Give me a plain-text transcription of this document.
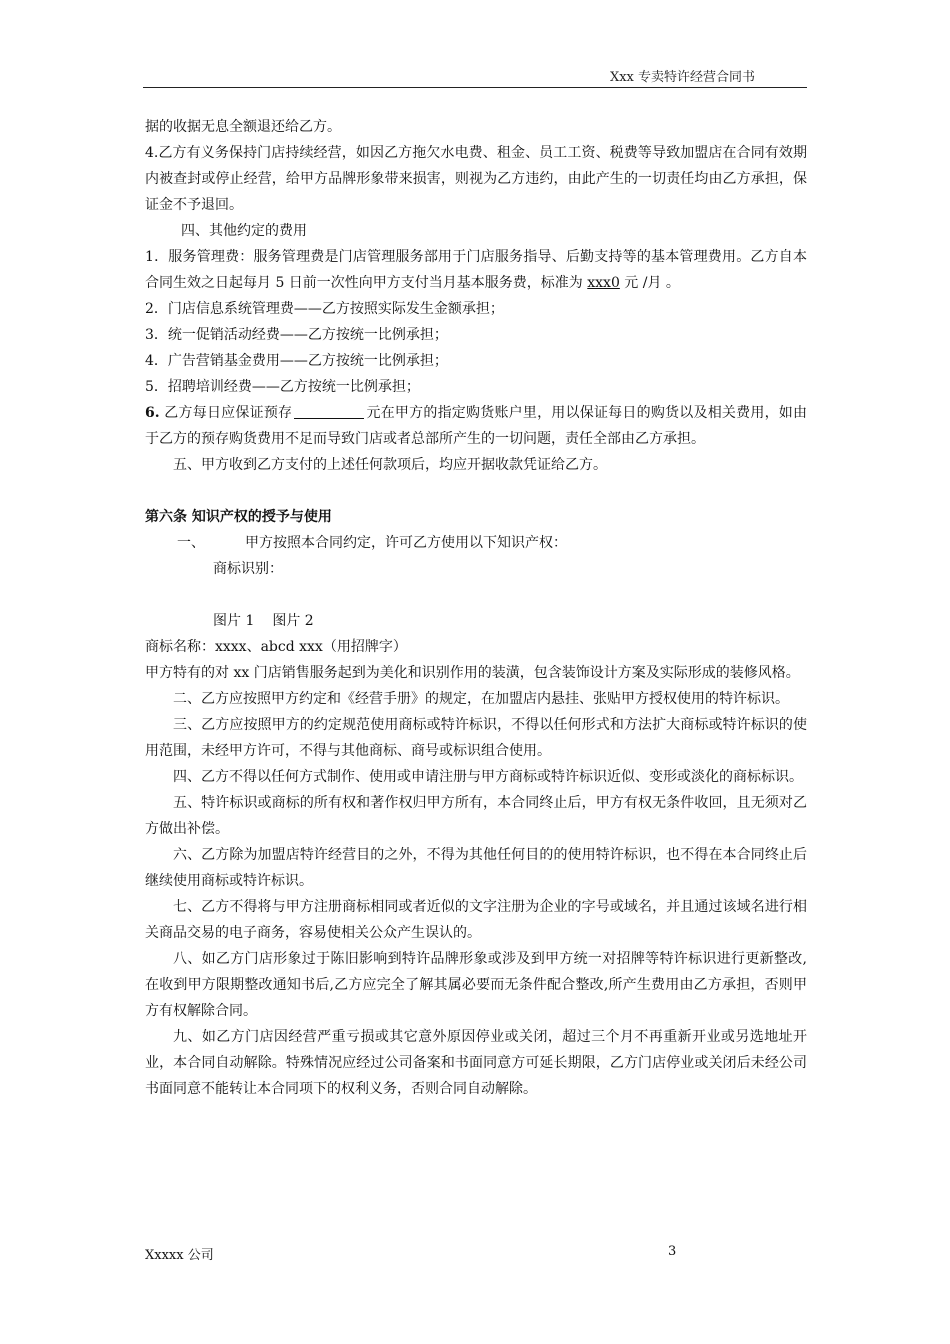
Xxx 专卖特许经营合同书

据的收据无息全额退还给乙方。

4.乙方有义务保持门店持续经营，如因乙方拖欠水电费、租金、员工工资、税费等导致加盟店在合同有效期内被查封或停止经营，给甲方品牌形象带来损害，则视为乙方违约，由此产生的一切责任均由乙方承担，保证金不予退回。

四、其他约定的费用

1．服务管理费：服务管理费是门店管理服务部用于门店服务指导、后勤支持等的基本管理费用。乙方自本合同生效之日起每月 5 日前一次性向甲方支付当月基本服务费，标准为 xxx0 元 /月 。

2．门店信息系统管理费——乙方按照实际发生金额承担；

3．统一促销活动经费——乙方按统一比例承担；

4．广告营销基金费用——乙方按统一比例承担；

5．招聘培训经费——乙方按统一比例承担；

6. 乙方每日应保证预存	元在甲方的指定购货账户里，用以保证每日的购货以及相关费用，如由于乙方的预存购货费用不足而导致门店或者总部所产生的一切问题，责任全部由乙方承担。

五、甲方收到乙方支付的上述任何款项后，均应开据收款凭证给乙方。

第六条 知识产权的授予与使用

一、	甲方按照本合同约定，许可乙方使用以下知识产权：

商标识别：

图片 1 图片 2

商标名称：xxxx、abcd xxx（用招牌字）

甲方特有的对 xx 门店销售服务起到为美化和识别作用的装潢，包含装饰设计方案及实际形成的装修风格。

二、乙方应按照甲方约定和《经营手册》的规定，在加盟店内悬挂、张贴甲方授权使用的特许标识。

三、乙方应按照甲方的约定规范使用商标或特许标识，不得以任何形式和方法扩大商标或特许标识的使用范围，未经甲方许可，不得与其他商标、商号或标识组合使用。

四、乙方不得以任何方式制作、使用或申请注册与甲方商标或特许标识近似、变形或淡化的商标标识。

五、特许标识或商标的所有权和著作权归甲方所有，本合同终止后，甲方有权无条件收回，且无须对乙方做出补偿。

六、乙方除为加盟店特许经营目的之外，不得为其他任何目的的使用特许标识，也不得在本合同终止后继续使用商标或特许标识。

七、乙方不得将与甲方注册商标相同或者近似的文字注册为企业的字号或域名，并且通过该域名进行相关商品交易的电子商务，容易使相关公众产生误认的。

八、如乙方门店形象过于陈旧影响到特许品牌形象或涉及到甲方统一对招牌等特许标识进行更新整改,在收到甲方限期整改通知书后,乙方应完全了解其属必要而无条件配合整改,所产生费用由乙方承担，否则甲方有权解除合同。

九、如乙方门店因经营严重亏损或其它意外原因停业或关闭，超过三个月不再重新开业或另选地址开业，本合同自动解除。特殊情况应经过公司备案和书面同意方可延长期限，乙方门店停业或关闭后未经公司书面同意不能转让本合同项下的权利义务，否则合同自动解除。

Xxxxx 公司	3
